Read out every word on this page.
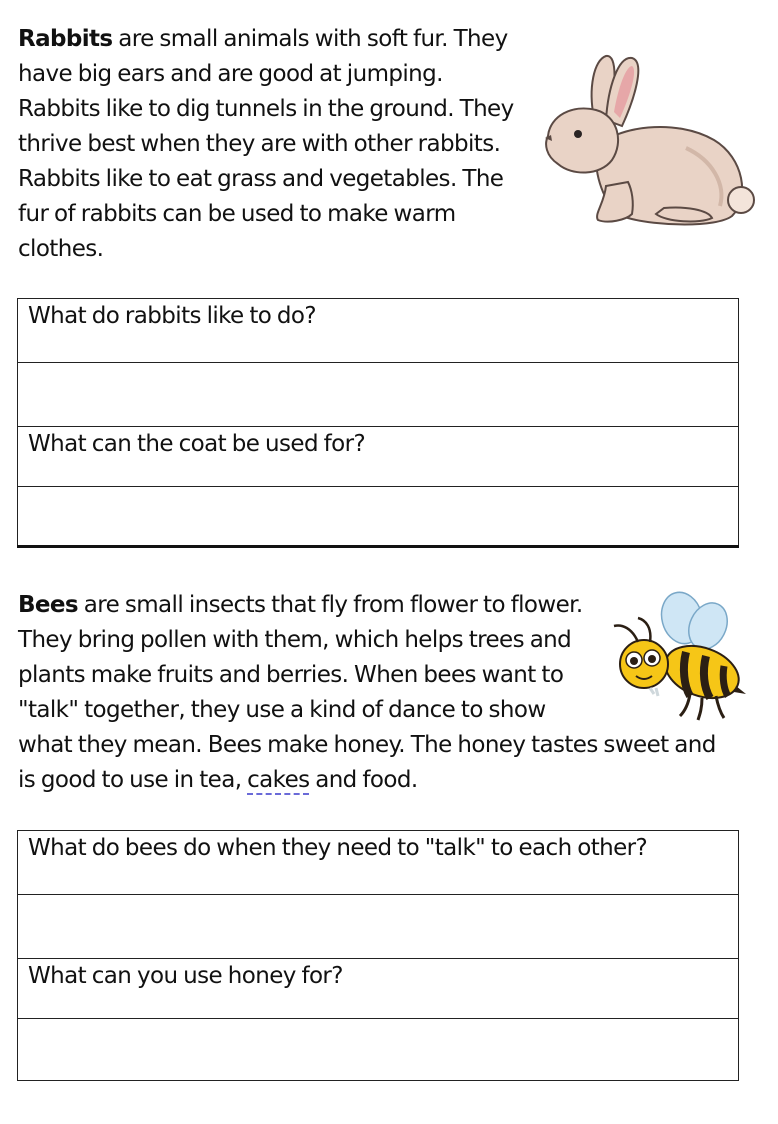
Rabbits are small animals with soft fur. They have big ears and are good at jumping. Rabbits like to dig tunnels in the ground. They thrive best when they are with other rabbits. Rabbits like to eat grass and vegetables. The fur of rabbits can be used to make warm clothes.

What do rabbits like to do?

What can the coat be used for?

Bees are small insects that fly from flower to flower. They bring pollen with them, which helps trees and plants make fruits and berries. When bees want to "talk" together, they use a kind of dance to show what they mean. Bees make honey. The honey tastes sweet and is good to use in tea, cakes and food.

What do bees do when they need to "talk" to each other?

What can you use honey for?
